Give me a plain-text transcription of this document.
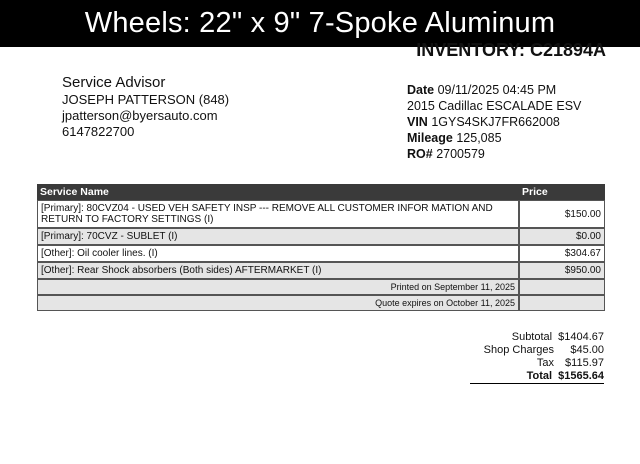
Wheels: 22" x 9" 7-Spoke Aluminum
INVENTORY: C21894A
Service Advisor
JOSEPH PATTERSON (848)
jpatterson@byersauto.com
6147822700
Date 09/11/2025 04:45 PM
2015 Cadillac ESCALADE ESV
VIN 1GYS4SKJ7FR662008
Mileage 125,085
RO# 2700579
Service Name	Price
[Primary]: 80CVZ04 - USED VEH SAFETY INSP --- REMOVE ALL CUSTOMER INFOR MATION AND RETURN TO FACTORY SETTINGS (I)	$150.00
[Primary]: 70CVZ - SUBLET (I)	$0.00
[Other]: Oil cooler lines. (I)	$304.67
[Other]: Rear Shock absorbers (Both sides) AFTERMARKET (I)	$950.00
Printed on September 11, 2025	
Quote expires on October 11, 2025	
Subtotal $1404.67
Shop Charges	$45.00
Tax	$115.97
Total $1565.64
